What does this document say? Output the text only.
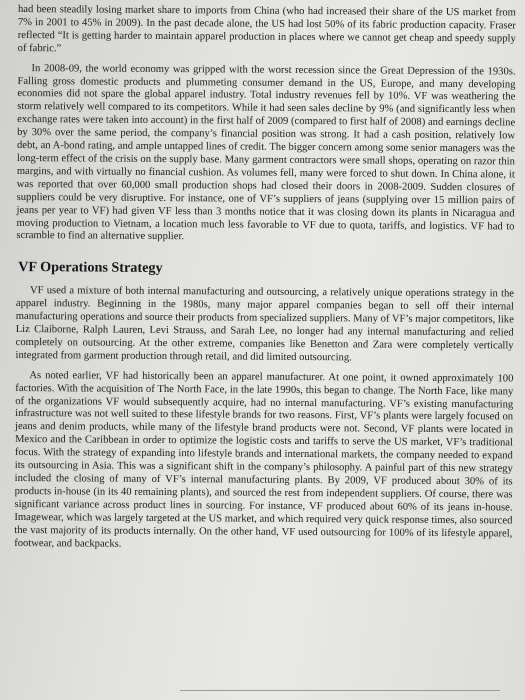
had been steadily losing market share to imports from China (who had increased their share of the US market from 7% in 2001 to 45% in 2009). In the past decade alone, the US had lost 50% of its fabric production capacity. Fraser reflected “It is getting harder to maintain apparel production in places where we cannot get cheap and speedy supply of fabric.”

In 2008-09, the world economy was gripped with the worst recession since the Great Depression of the 1930s. Falling gross domestic products and plummeting consumer demand in the US, Europe, and many developing economies did not spare the global apparel industry. Total industry revenues fell by 10%. VF was weathering the storm relatively well compared to its competitors. While it had seen sales decline by 9% (and significantly less when exchange rates were taken into account) in the first half of 2009 (compared to first half of 2008) and earnings decline by 30% over the same period, the company’s financial position was strong. It had a cash position, relatively low debt, an A-bond rating, and ample untapped lines of credit. The bigger concern among some senior managers was the long-term effect of the crisis on the supply base. Many garment contractors were small shops, operating on razor thin margins, and with virtually no financial cushion. As volumes fell, many were forced to shut down. In China alone, it was reported that over 60,000 small production shops had closed their doors in 2008-2009. Sudden closures of suppliers could be very disruptive. For instance, one of VF’s suppliers of jeans (supplying over 15 million pairs of jeans per year to VF) had given VF less than 3 months notice that it was closing down its plants in Nicaragua and moving production to Vietnam, a location much less favorable to VF due to quota, tariffs, and logistics. VF had to scramble to find an alternative supplier.

VF Operations Strategy

VF used a mixture of both internal manufacturing and outsourcing, a relatively unique operations strategy in the apparel industry. Beginning in the 1980s, many major apparel companies began to sell off their internal manufacturing operations and source their products from specialized suppliers. Many of VF’s major competitors, like Liz Claiborne, Ralph Lauren, Levi Strauss, and Sarah Lee, no longer had any internal manufacturing and relied completely on outsourcing. At the other extreme, companies like Benetton and Zara were completely vertically integrated from garment production through retail, and did limited outsourcing.

As noted earlier, VF had historically been an apparel manufacturer. At one point, it owned approximately 100 factories. With the acquisition of The North Face, in the late 1990s, this began to change. The North Face, like many of the organizations VF would subsequently acquire, had no internal manufacturing. VF’s existing manufacturing infrastructure was not well suited to these lifestyle brands for two reasons. First, VF’s plants were largely focused on jeans and denim products, while many of the lifestyle brand products were not. Second, VF plants were located in Mexico and the Caribbean in order to optimize the logistic costs and tariffs to serve the US market, VF’s traditional focus. With the strategy of expanding into lifestyle brands and international markets, the company needed to expand its outsourcing in Asia. This was a significant shift in the company’s philosophy. A painful part of this new strategy included the closing of many of VF’s internal manufacturing plants. By 2009, VF produced about 30% of its products in-house (in its 40 remaining plants), and sourced the rest from independent suppliers. Of course, there was significant variance across product lines in sourcing. For instance, VF produced about 60% of its jeans in-house. Imagewear, which was largely targeted at the US market, and which required very quick response times, also sourced the vast majority of its products internally. On the other hand, VF used outsourcing for 100% of its lifestyle apparel, footwear, and backpacks.
